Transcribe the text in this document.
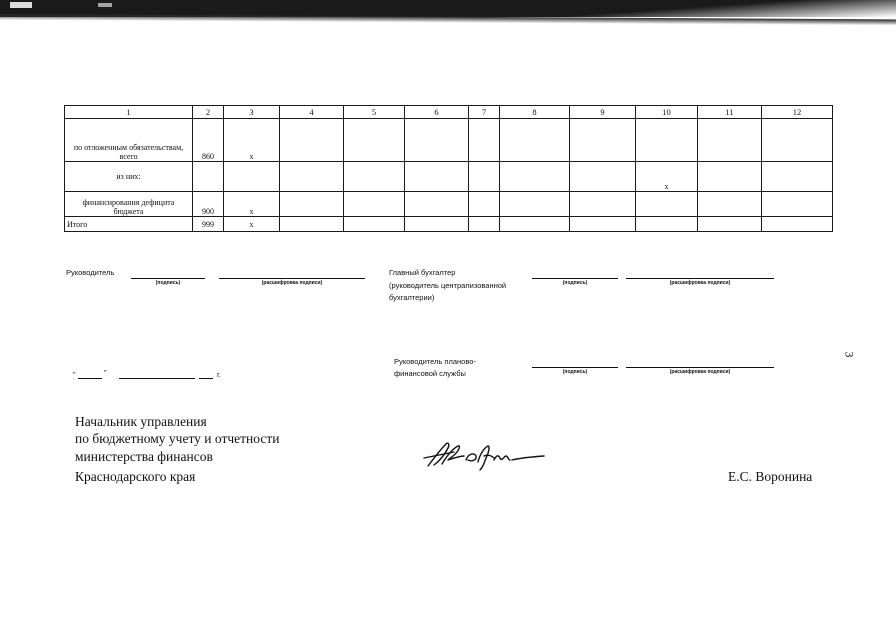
1	2	3	4	5	6	7	8	9	10	11	12
по отложенным обязательствам, всего	860	x									
из них:									x		
финансирования дефицита бюджета	900	x									
Итого	999	x									
Руководитель
(подпись)	(расшифровка подписи)
Главный бухгалтер
(руководитель централизованной
бухгалтерии)
(подпись)	(расшифровка подписи)
"	"	г.
Руководитель планово-
финансовой службы	(подпись)	(расшифровка подписи)
3
Начальник управления
по бюджетному учету и отчетности
министерства финансов
Краснодарского края	Е.С. Воронина
